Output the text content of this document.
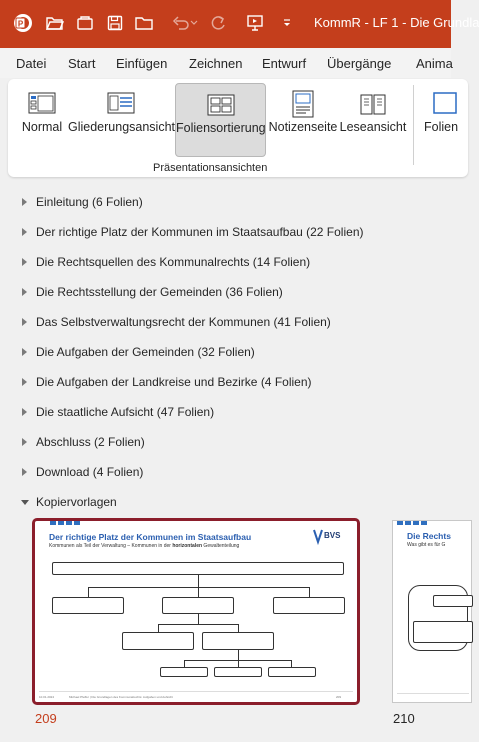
P	KommR - LF 1 - Die Grundla
Datei Start Einfügen Zeichnen Entwurf Übergänge Anima
Normal Gliederungsansicht Foliensortierung Notizenseite Leseansicht Folien
Präsentationsansichten
Einleitung (6 Folien)
Der richtige Platz der Kommunen im Staatsaufbau (22 Folien)
Die Rechtsquellen des Kommunalrechts (14 Folien)
Die Rechtsstellung der Gemeinden (36 Folien)
Das Selbstverwaltungsrecht der Kommunen (41 Folien)
Die Aufgaben der Gemeinden (32 Folien)
Die Aufgaben der Landkreise und Bezirke (4 Folien)
Die staatliche Aufsicht (47 Folien)
Abschluss (2 Folien)
Download (4 Folien)
Kopiervorlagen
Der richtige Platz der Kommunen im Staatsaufbau
Kommunen als Teil der Verwaltung – Kommunen in der horizontalen Gewaltenteilung
BVS
10.01.2024	Michael Pfeffer | Die Grundlagen des Kommunalrechts: Aufgaben und Aufsicht	209
209
Die Rechts
Was gibt es für G
210
